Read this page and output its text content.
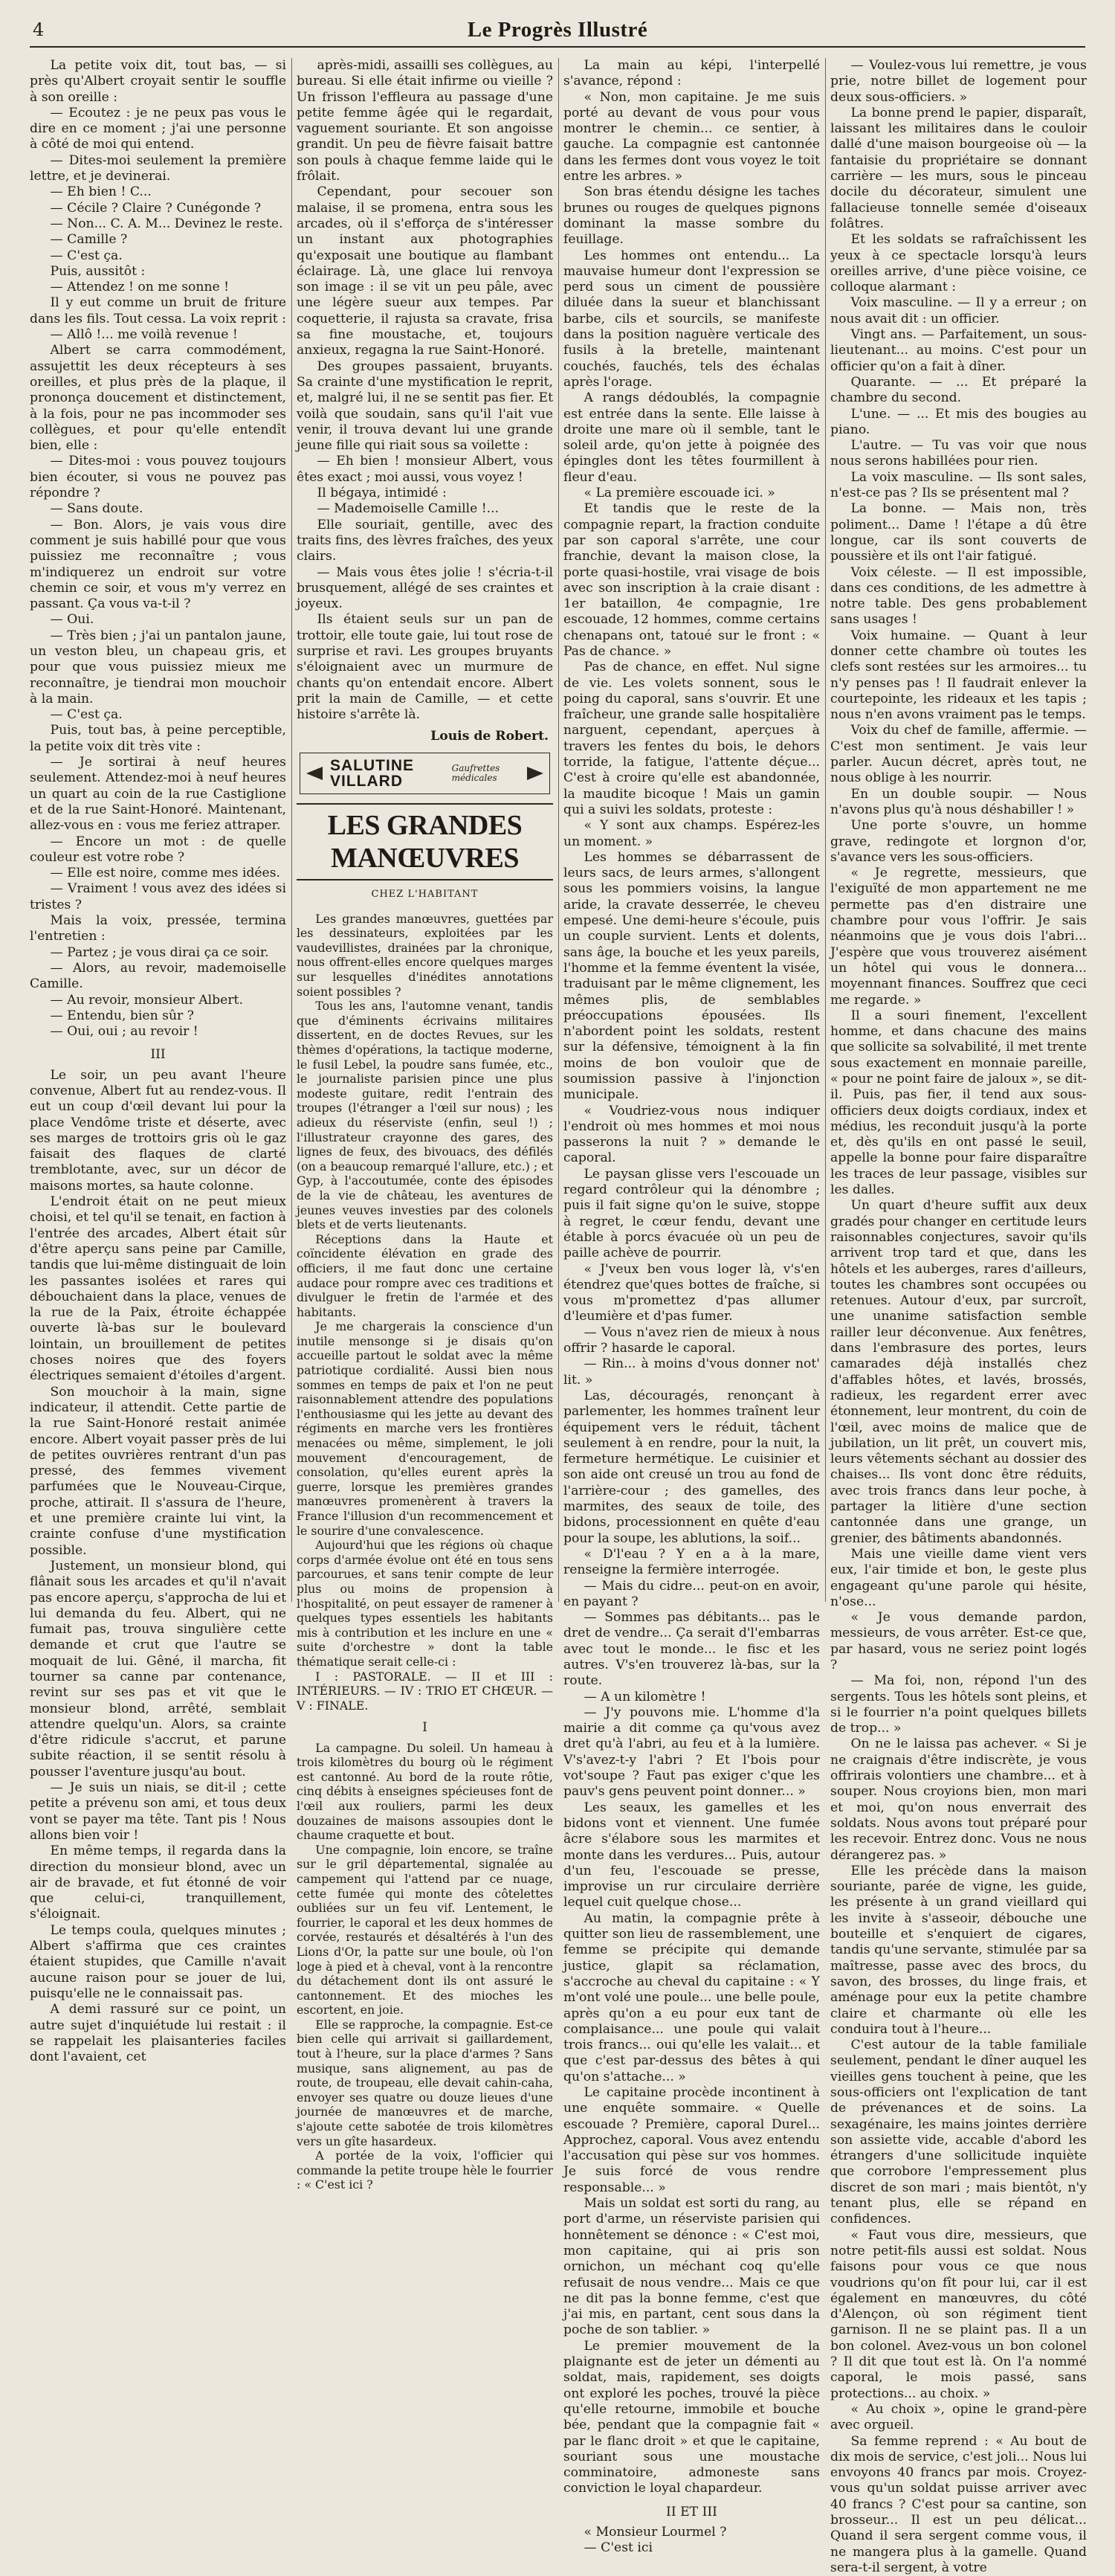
4	Le Progrès Illustré

La petite voix dit, tout bas, — si près qu'Albert croyait sentir le souffle à son oreille :

— Ecoutez : je ne peux pas vous le dire en ce moment ; j'ai une personne à côté de moi qui entend.

— Dites-moi seulement la première lettre, et je devinerai.

— Eh bien ! C...

— Cécile ? Claire ? Cunégonde ?

— Non... C. A. M... Devinez le reste.

— Camille ?

— C'est ça.

Puis, aussitôt :

— Attendez ! on me sonne !

Il y eut comme un bruit de friture dans les fils. Tout cessa. La voix reprit :

— Allô !... me voilà revenue !

Albert se carra commodément, assujettit les deux récepteurs à ses oreilles, et plus près de la plaque, il prononça doucement et distinctement, à la fois, pour ne pas incommoder ses collègues, et pour qu'elle entendît bien, elle :

— Dites-moi : vous pouvez toujours bien écouter, si vous ne pouvez pas répondre ?

— Sans doute.

— Bon. Alors, je vais vous dire comment je suis habillé pour que vous puissiez me reconnaître ; vous m'indiquerez un endroit sur votre chemin ce soir, et vous m'y verrez en passant. Ça vous va-t-il ?

— Oui.

— Très bien ; j'ai un pantalon jaune, un veston bleu, un chapeau gris, et pour que vous puissiez mieux me reconnaître, je tiendrai mon mouchoir à la main.

— C'est ça.

Puis, tout bas, à peine perceptible, la petite voix dit très vite :

— Je sortirai à neuf heures seulement. Attendez-moi à neuf heures un quart au coin de la rue Castiglione et de la rue Saint-Honoré. Maintenant, allez-vous en : vous me feriez attraper.

— Encore un mot : de quelle couleur est votre robe ?

— Elle est noire, comme mes idées.

— Vraiment ! vous avez des idées si tristes ?

Mais la voix, pressée, termina l'entretien :

— Partez ; je vous dirai ça ce soir.

— Alors, au revoir, mademoiselle Camille.

— Au revoir, monsieur Albert.

— Entendu, bien sûr ?

— Oui, oui ; au revoir !

III

Le soir, un peu avant l'heure convenue, Albert fut au rendez-vous. Il eut un coup d'œil devant lui pour la place Vendôme triste et déserte, avec ses marges de trottoirs gris où le gaz faisait des flaques de clarté tremblotante, avec, sur un décor de maisons mortes, sa haute colonne.

L'endroit était on ne peut mieux choisi, et tel qu'il se tenait, en faction à l'entrée des arcades, Albert était sûr d'être aperçu sans peine par Camille, tandis que lui-même distinguait de loin les passantes isolées et rares qui débouchaient dans la place, venues de la rue de la Paix, étroite échappée ouverte là-bas sur le boulevard lointain, un brouillement de petites choses noires que des foyers électriques semaient d'étoiles d'argent.

Son mouchoir à la main, signe indicateur, il attendit. Cette partie de la rue Saint-Honoré restait animée encore. Albert voyait passer près de lui de petites ouvrières rentrant d'un pas pressé, des femmes vivement parfumées que le Nouveau-Cirque, proche, attirait. Il s'assura de l'heure, et une première crainte lui vint, la crainte confuse d'une mystification possible.

Justement, un monsieur blond, qui flânait sous les arcades et qu'il n'avait pas encore aperçu, s'approcha de lui et lui demanda du feu. Albert, qui ne fumait pas, trouva singulière cette demande et crut que l'autre se moquait de lui. Gêné, il marcha, fit tourner sa canne par contenance, revint sur ses pas et vit que le monsieur blond, arrêté, semblait attendre quelqu'un. Alors, sa crainte d'être ridicule s'accrut, et parune subite réaction, il se sentit résolu à pousser l'aventure jusqu'au bout.

— Je suis un niais, se dit-il ; cette petite a prévenu son ami, et tous deux vont se payer ma tête. Tant pis ! Nous allons bien voir !

En même temps, il regarda dans la direction du monsieur blond, avec un air de bravade, et fut étonné de voir que celui-ci, tranquillement, s'éloignait.

Le temps coula, quelques minutes ; Albert s'affirma que ces craintes étaient stupides, que Camille n'avait aucune raison pour se jouer de lui, puisqu'elle ne le connaissait pas.

A demi rassuré sur ce point, un autre sujet d'inquiétude lui restait : il se rappelait les plaisanteries faciles dont l'avaient, cet

après-midi, assailli ses collègues, au bureau. Si elle était infirme ou vieille ? Un frisson l'effleura au passage d'une petite femme âgée qui le regardait, vaguement souriante. Et son angoisse grandit. Un peu de fièvre faisait battre son pouls à chaque femme laide qui le frôlait.

Cependant, pour secouer son malaise, il se promena, entra sous les arcades, où il s'efforça de s'intéresser un instant aux photographies qu'exposait une boutique au flambant éclairage. Là, une glace lui renvoya son image : il se vit un peu pâle, avec une légère sueur aux tempes. Par coquetterie, il rajusta sa cravate, frisa sa fine moustache, et, toujours anxieux, regagna la rue Saint-Honoré.

Des groupes passaient, bruyants. Sa crainte d'une mystification le reprit, et, malgré lui, il ne se sentit pas fier. Et voilà que soudain, sans qu'il l'ait vue venir, il trouva devant lui une grande jeune fille qui riait sous sa voilette :

— Eh bien ! monsieur Albert, vous êtes exact ; moi aussi, vous voyez !

Il bégaya, intimidé :

— Mademoiselle Camille !...

Elle souriait, gentille, avec des traits fins, des lèvres fraîches, des yeux clairs.

— Mais vous êtes jolie ! s'écria-t-il brusquement, allégé de ses craintes et joyeux.

Ils étaient seuls sur un pan de trottoir, elle toute gaie, lui tout rose de surprise et ravi. Les groupes bruyants s'éloignaient avec un murmure de chants qu'on entendait encore. Albert prit la main de Camille, — et cette histoire s'arrête là.

Louis de Robert.

SALUTINE VILLARD
Gaufrettes médicales
LES GRANDES MANŒUVRES
CHEZ L'HABITANT

Les grandes manœuvres, guettées par les dessinateurs, exploitées par les vaudevillistes, drainées par la chronique, nous offrent-elles encore quelques marges sur lesquelles d'inédites annotations soient possibles ?

Tous les ans, l'automne venant, tandis que d'éminents écrivains militaires dissertent, en de doctes Revues, sur les thèmes d'opérations, la tactique moderne, le fusil Lebel, la poudre sans fumée, etc., le journaliste parisien pince une plus modeste guitare, redit l'entrain des troupes (l'étranger a l'œil sur nous) ; les adieux du réserviste (enfin, seul !) ; l'illustrateur crayonne des gares, des lignes de feux, des bivouacs, des défilés (on a beaucoup remarqué l'allure, etc.) ; et Gyp, à l'accoutumée, conte des épisodes de la vie de château, les aventures de jeunes veuves investies par des colonels blets et de verts lieutenants.

Réceptions dans la Haute et coïncidente élévation en grade des officiers, il me faut donc une certaine audace pour rompre avec ces traditions et divulguer le fretin de l'armée et des habitants.

Je me chargerais la conscience d'un inutile mensonge si je disais qu'on accueille partout le soldat avec la même patriotique cordialité. Aussi bien nous sommes en temps de paix et l'on ne peut raisonnablement attendre des populations l'enthousiasme qui les jette au devant des régiments en marche vers les frontières menacées ou même, simplement, le joli mouvement d'encouragement, de consolation, qu'elles eurent après la guerre, lorsque les premières grandes manœuvres promenèrent à travers la France l'illusion d'un recommencement et le sourire d'une convalescence.

Aujourd'hui que les régions où chaque corps d'armée évolue ont été en tous sens parcourues, et sans tenir compte de leur plus ou moins de propension à l'hospitalité, on peut essayer de ramener à quelques types essentiels les habitants mis à contribution et les inclure en une « suite d'orchestre » dont la table thématique serait celle-ci :

I : PASTORALE. — II et III : INTÉRIEURS. — IV : TRIO ET CHŒUR. — V : FINALE.

I

La campagne. Du soleil. Un hameau à trois kilomètres du bourg où le régiment est cantonné. Au bord de la route rôtie, cinq débits à enseignes spécieuses font de l'œil aux rouliers, parmi les deux douzaines de maisons assoupies dont le chaume craquette et bout.

Une compagnie, loin encore, se traîne sur le gril départemental, signalée au campement qui l'attend par ce nuage, cette fumée qui monte des côtelettes oubliées sur un feu vif. Lentement, le fourrier, le caporal et les deux hommes de corvée, restaurés et désaltérés à l'un des Lions d'Or, la patte sur une boule, où l'on loge à pied et à cheval, vont à la rencontre du détachement dont ils ont assuré le cantonnement. Et des mioches les escortent, en joie.

Elle se rapproche, la compagnie. Est-ce bien celle qui arrivait si gaillardement, tout à l'heure, sur la place d'armes ? Sans musique, sans alignement, au pas de route, de troupeau, elle devait cahin-caha, envoyer ses quatre ou douze lieues d'une journée de manœuvres et de marche, s'ajoute cette sabotée de trois kilomètres vers un gîte hasardeux.

A portée de la voix, l'officier qui commande la petite troupe hèle le fourrier : « C'est ici ?

La main au képi, l'interpellé s'avance, répond :

« Non, mon capitaine. Je me suis porté au devant de vous pour vous montrer le chemin... ce sentier, à gauche. La compagnie est cantonnée dans les fermes dont vous voyez le toit entre les arbres. »

Son bras étendu désigne les taches brunes ou rouges de quelques pignons dominant la masse sombre du feuillage.

Les hommes ont entendu... La mauvaise humeur dont l'expression se perd sous un ciment de poussière diluée dans la sueur et blanchissant barbe, cils et sourcils, se manifeste dans la position naguère verticale des fusils à la bretelle, maintenant couchés, fauchés, tels des échalas après l'orage.

A rangs dédoublés, la compagnie est entrée dans la sente. Elle laisse à droite une mare où il semble, tant le soleil arde, qu'on jette à poignée des épingles dont les têtes fourmillent à fleur d'eau.

« La première escouade ici. »

Et tandis que le reste de la compagnie repart, la fraction conduite par son caporal s'arrête, une cour franchie, devant la maison close, la porte quasi-hostile, vrai visage de bois avec son inscription à la craie disant : 1er bataillon, 4e compagnie, 1re escouade, 12 hommes, comme certains chenapans ont, tatoué sur le front : « Pas de chance. »

Pas de chance, en effet. Nul signe de vie. Les volets sonnent, sous le poing du caporal, sans s'ouvrir. Et une fraîcheur, une grande salle hospitalière narguent, cependant, aperçues à travers les fentes du bois, le dehors torride, la fatigue, l'attente déçue... C'est à croire qu'elle est abandonnée, la maudite bicoque ! Mais un gamin qui a suivi les soldats, proteste :

« Y sont aux champs. Espérez-les un moment. »

Les hommes se débarrassent de leurs sacs, de leurs armes, s'allongent sous les pommiers voisins, la langue aride, la cravate desserrée, le cheveu empesé. Une demi-heure s'écoule, puis un couple survient. Lents et dolents, sans âge, la bouche et les yeux pareils, l'homme et la femme éventent la visée, traduisant par le même clignement, les mêmes plis, de semblables préoccupations épousées. Ils n'abordent point les soldats, restent sur la défensive, témoignent à la fin moins de bon vouloir que de soumission passive à l'injonction municipale.

« Voudriez-vous nous indiquer l'endroit où mes hommes et moi nous passerons la nuit ? » demande le caporal.

Le paysan glisse vers l'escouade un regard contrôleur qui la dénombre ; puis il fait signe qu'on le suive, stoppe à regret, le cœur fendu, devant une étable à porcs évacuée où un peu de paille achève de pourrir.

« J'veux ben vous loger là, v's'en étendrez que'ques bottes de fraîche, si vous m'promettez d'pas allumer d'leumière et d'pas fumer.

— Vous n'avez rien de mieux à nous offrir ? hasarde le caporal.

— Rin... à moins d'vous donner not' lit. »

Las, découragés, renonçant à parlementer, les hommes traînent leur équipement vers le réduit, tâchent seulement à en rendre, pour la nuit, la fermeture hermétique. Le cuisinier et son aide ont creusé un trou au fond de l'arrière-cour ; des gamelles, des marmites, des seaux de toile, des bidons, processionnent en quête d'eau pour la soupe, les ablutions, la soif...

« D'l'eau ? Y en a à la mare, renseigne la fermière interrogée.

— Mais du cidre... peut-on en avoir, en payant ?

— Sommes pas débitants... pas le dret de vendre... Ça serait d'l'embarras avec tout le monde... le fisc et les autres. V's'en trouverez là-bas, sur la route.

— A un kilomètre !

— J'y pouvons mie. L'homme d'la mairie a dit comme ça qu'vous avez dret qu'à l'abri, au feu et à la lumière. V's'avez-t-y l'abri ? Et l'bois pour vot'soupe ? Faut pas exiger c'que les pauv's gens peuvent point donner... »

Les seaux, les gamelles et les bidons vont et viennent. Une fumée âcre s'élabore sous les marmites et monte dans les verdures... Puis, autour d'un feu, l'escouade se presse, improvise un rur circulaire derrière lequel cuit quelque chose...

Au matin, la compagnie prête à quitter son lieu de rassemblement, une femme se précipite qui demande justice, glapit sa réclamation, s'accroche au cheval du capitaine : « Y m'ont volé une poule... une belle poule, après qu'on a eu pour eux tant de complaisance... une poule qui valait trois francs... oui qu'elle les valait... et que c'est par-dessus des bêtes à qui qu'on s'attache... »

Le capitaine procède incontinent à une enquête sommaire. « Quelle escouade ? Première, caporal Durel... Approchez, caporal. Vous avez entendu l'accusation qui pèse sur vos hommes. Je suis forcé de vous rendre responsable... »

Mais un soldat est sorti du rang, au port d'arme, un réserviste parisien qui honnêtement se dénonce : « C'est moi, mon capitaine, qui ai pris son ornichon, un méchant coq qu'elle refusait de nous vendre... Mais ce que ne dit pas la bonne femme, c'est que j'ai mis, en partant, cent sous dans la poche de son tablier. »

Le premier mouvement de la plaignante est de jeter un démenti au soldat, mais, rapidement, ses doigts ont exploré les poches, trouvé la pièce qu'elle retourne, immobile et bouche bée, pendant que la compagnie fait « par le flanc droit » et que le capitaine, souriant sous une moustache comminatoire, admoneste sans conviction le loyal chapardeur.

II ET III

« Monsieur Lourmel ?

— C'est ici

— Voulez-vous lui remettre, je vous prie, notre billet de logement pour deux sous-officiers. »

La bonne prend le papier, disparaît, laissant les militaires dans le couloir dallé d'une maison bourgeoise où — la fantaisie du propriétaire se donnant carrière — les murs, sous le pinceau docile du décorateur, simulent une fallacieuse tonnelle semée d'oiseaux folâtres.

Et les soldats se rafraîchissent les yeux à ce spectacle lorsqu'à leurs oreilles arrive, d'une pièce voisine, ce colloque alarmant :

Voix masculine. — Il y a erreur ; on nous avait dit : un officier.

Vingt ans. — Parfaitement, un sous-lieutenant... au moins. C'est pour un officier qu'on a fait à dîner.

Quarante. — ... Et préparé la chambre du second.

L'une. — ... Et mis des bougies au piano.

L'autre. — Tu vas voir que nous nous serons habillées pour rien.

La voix masculine. — Ils sont sales, n'est-ce pas ? Ils se présentent mal ?

La bonne. — Mais non, très poliment... Dame ! l'étape a dû être longue, car ils sont couverts de poussière et ils ont l'air fatigué.

Voix céleste. — Il est impossible, dans ces conditions, de les admettre à notre table. Des gens probablement sans usages !

Voix humaine. — Quant à leur donner cette chambre où toutes les clefs sont restées sur les armoires... tu n'y penses pas ! Il faudrait enlever la courtepointe, les rideaux et les tapis ; nous n'en avons vraiment pas le temps.

Voix du chef de famille, affermie. — C'est mon sentiment. Je vais leur parler. Aucun décret, après tout, ne nous oblige à les nourrir.

En un double soupir. — Nous n'avons plus qu'à nous déshabiller ! »

Une porte s'ouvre, un homme grave, redingote et lorgnon d'or, s'avance vers les sous-officiers.

« Je regrette, messieurs, que l'exiguïté de mon appartement ne me permette pas d'en distraire une chambre pour vous l'offrir. Je sais néanmoins que je vous dois l'abri... J'espère que vous trouverez aisément un hôtel qui vous le donnera... moyennant finances. Souffrez que ceci me regarde. »

Il a souri finement, l'excellent homme, et dans chacune des mains que sollicite sa solvabilité, il met trente sous exactement en monnaie pareille, « pour ne point faire de jaloux », se dit-il. Puis, pas fier, il tend aux sous-officiers deux doigts cordiaux, index et médius, les reconduit jusqu'à la porte et, dès qu'ils en ont passé le seuil, appelle la bonne pour faire disparaître les traces de leur passage, visibles sur les dalles.

Un quart d'heure suffit aux deux gradés pour changer en certitude leurs raisonnables conjectures, savoir qu'ils arrivent trop tard et que, dans les hôtels et les auberges, rares d'ailleurs, toutes les chambres sont occupées ou retenues. Autour d'eux, par surcroît, une unanime satisfaction semble railler leur déconvenue. Aux fenêtres, dans l'embrasure des portes, leurs camarades déjà installés chez d'affables hôtes, et lavés, brossés, radieux, les regardent errer avec étonnement, leur montrent, du coin de l'œil, avec moins de malice que de jubilation, un lit prêt, un couvert mis, leurs vêtements séchant au dossier des chaises... Ils vont donc être réduits, avec trois francs dans leur poche, à partager la litière d'une section cantonnée dans une grange, un grenier, des bâtiments abandonnés.

Mais une vieille dame vient vers eux, l'air timide et bon, le geste plus engageant qu'une parole qui hésite, n'ose...

« Je vous demande pardon, messieurs, de vous arrêter. Est-ce que, par hasard, vous ne seriez point logés ?

— Ma foi, non, répond l'un des sergents. Tous les hôtels sont pleins, et si le fourrier n'a point quelques billets de trop... »

On ne le laissa pas achever. « Si je ne craignais d'être indiscrète, je vous offrirais volontiers une chambre... et à souper. Nous croyions bien, mon mari et moi, qu'on nous enverrait des soldats. Nous avons tout préparé pour les recevoir. Entrez donc. Vous ne nous dérangerez pas. »

Elle les précède dans la maison souriante, parée de vigne, les guide, les présente à un grand vieillard qui les invite à s'asseoir, débouche une bouteille et s'enquiert de cigares, tandis qu'une servante, stimulée par sa maîtresse, passe avec des brocs, du savon, des brosses, du linge frais, et aménage pour eux la petite chambre claire et charmante où elle les conduira tout à l'heure...

C'est autour de la table familiale seulement, pendant le dîner auquel les vieilles gens touchent à peine, que les sous-officiers ont l'explication de tant de prévenances et de soins. La sexagénaire, les mains jointes derrière son assiette vide, accable d'abord les étrangers d'une sollicitude inquiète que corrobore l'empressement plus discret de son mari ; mais bientôt, n'y tenant plus, elle se répand en confidences.

« Faut vous dire, messieurs, que notre petit-fils aussi est soldat. Nous faisons pour vous ce que nous voudrions qu'on fît pour lui, car il est également en manœuvres, du côté d'Alençon, où son régiment tient garnison. Il ne se plaint pas. Il a un bon colonel. Avez-vous un bon colonel ? Il dit que tout est là. On l'a nommé caporal, le mois passé, sans protections... au choix. »

« Au choix », opine le grand-père avec orgueil.

Sa femme reprend : « Au bout de dix mois de service, c'est joli... Nous lui envoyons 40 francs par mois. Croyez-vous qu'un soldat puisse arriver avec 40 francs ? C'est pour sa cantine, son brosseur... Il est un peu délicat... Quand il sera sergent comme vous, il ne mangera plus à la gamelle. Quand sera-t-il sergent, à votre
